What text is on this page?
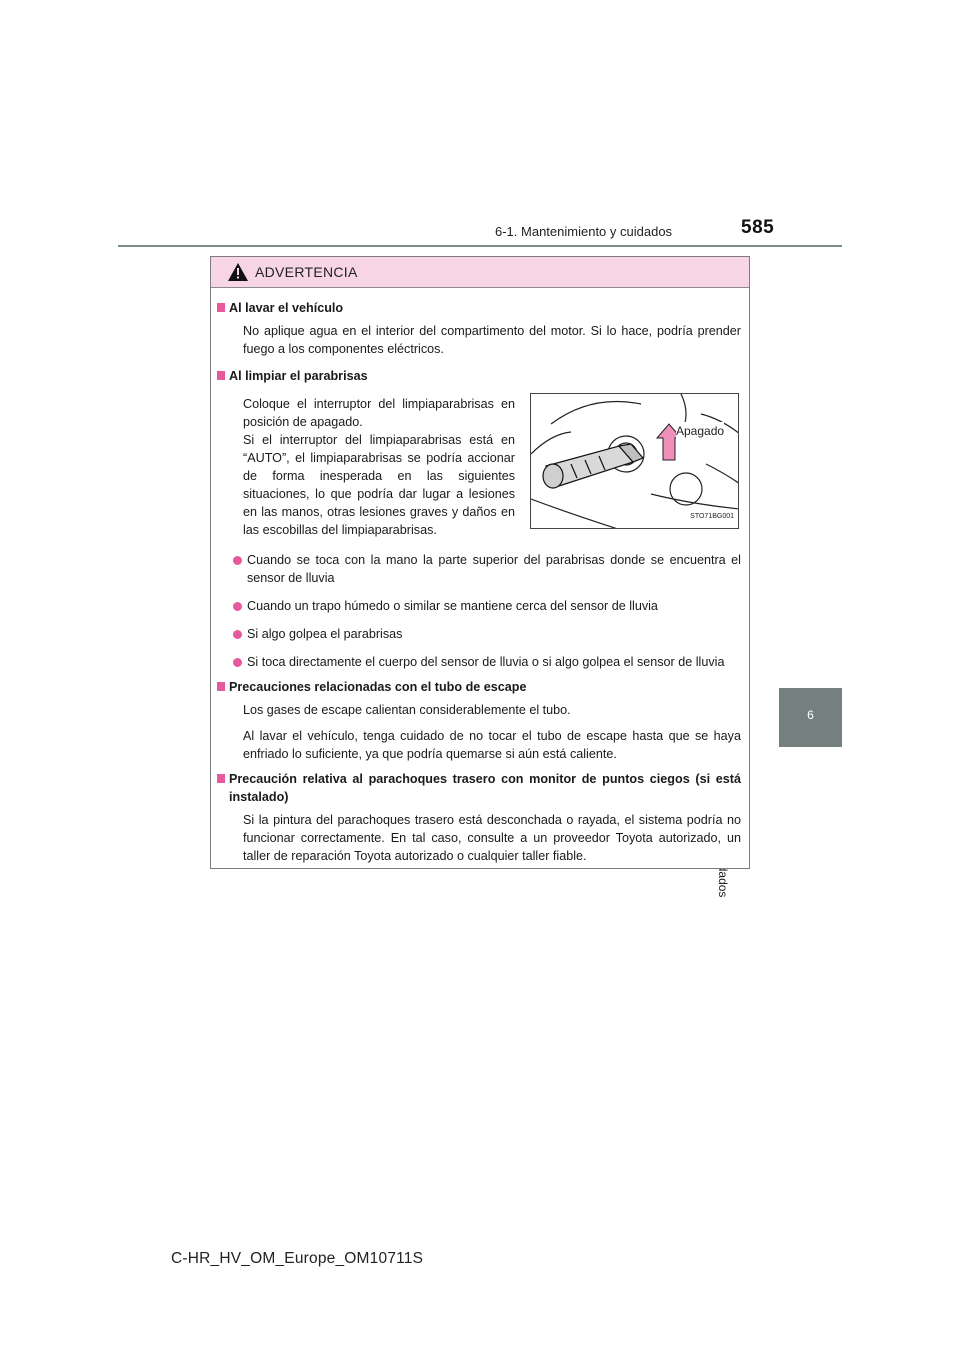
6-1. Mantenimiento y cuidados	585
6
ADVERTENCIA
Al lavar el vehículo
No aplique agua en el interior del compartimento del motor. Si lo hace, podría prender fuego a los componentes eléctricos.
Al limpiar el parabrisas
Coloque el interruptor del limpiaparabrisas en posición de apagado.
Si el interruptor del limpiaparabrisas está en “AUTO”, el limpiaparabrisas se podría accionar de forma inesperada en las siguientes situaciones, lo que podría dar lugar a lesiones en las manos, otras lesiones graves y daños en las escobillas del limpiaparabrisas.
Apagado
STO71BG001
Cuando se toca con la mano la parte superior del parabrisas donde se encuentra el sensor de lluvia
Cuando un trapo húmedo o similar se mantiene cerca del sensor de lluvia
Si algo golpea el parabrisas
Si toca directamente el cuerpo del sensor de lluvia o si algo golpea el sensor de lluvia
Precauciones relacionadas con el tubo de escape
Los gases de escape calientan considerablemente el tubo.
Al lavar el vehículo, tenga cuidado de no tocar el tubo de escape hasta que se haya enfriado lo suficiente, ya que podría quemarse si aún está caliente.
Precaución relativa al parachoques trasero con monitor de puntos ciegos (si está instalado)
Si la pintura del parachoques trasero está desconchada o rayada, el sistema podría no funcionar correctamente. En tal caso, consulte a un proveedor Toyota autorizado, un taller de reparación Toyota autorizado o cualquier taller fiable.
C-HR_HV_OM_Europe_OM10711S
